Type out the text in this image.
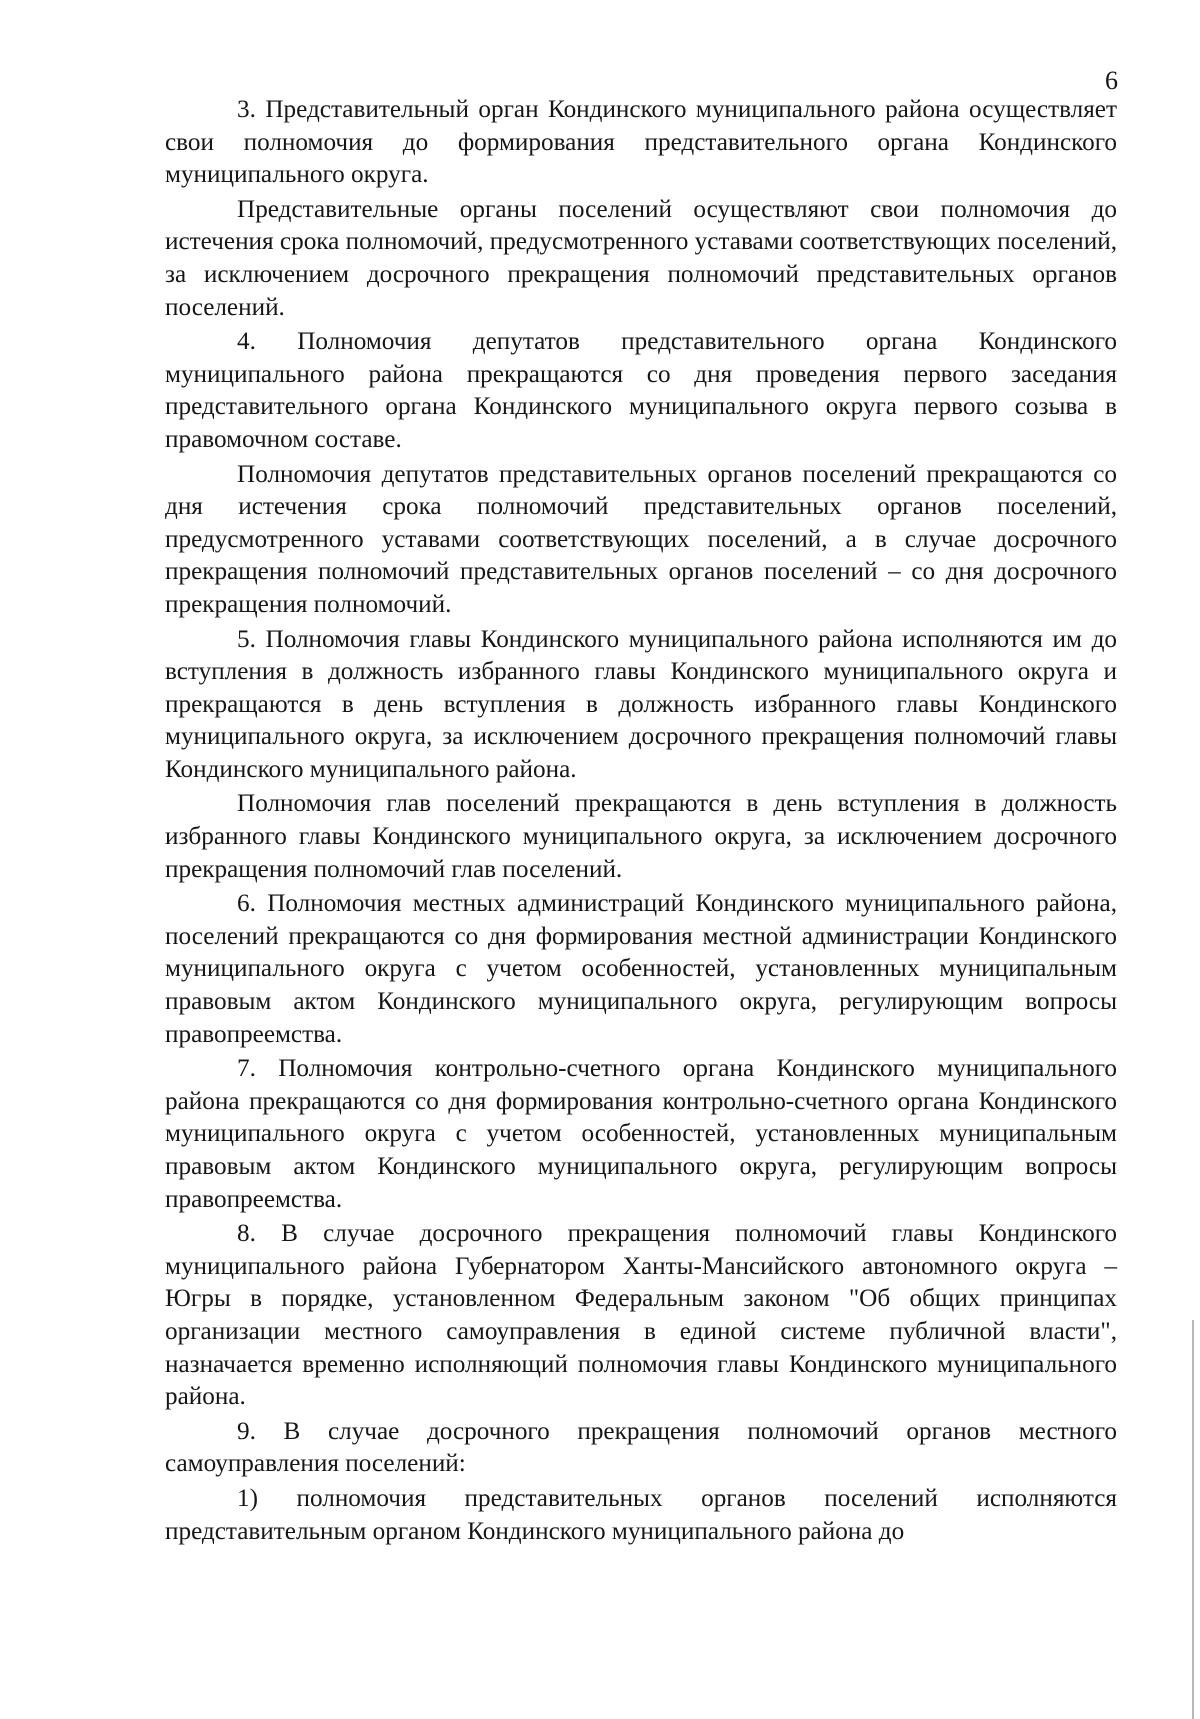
6

3. Представительный орган Кондинского муниципального района осуществляет свои полномочия до формирования представительного органа Кондинского муниципального округа.

Представительные органы поселений осуществляют свои полномочия до истечения срока полномочий, предусмотренного уставами соответствующих поселений, за исключением досрочного прекращения полномочий представительных органов поселений.

4. Полномочия депутатов представительного органа Кондинского муниципального района прекращаются со дня проведения первого заседания представительного органа Кондинского муниципального округа первого созыва в правомочном составе.

Полномочия депутатов представительных органов поселений прекращаются со дня истечения срока полномочий представительных органов поселений, предусмотренного уставами соответствующих поселений, а в случае досрочного прекращения полномочий представительных органов поселений – со дня досрочного прекращения полномочий.

5. Полномочия главы Кондинского муниципального района исполняются им до вступления в должность избранного главы Кондинского муниципального округа и прекращаются в день вступления в должность избранного главы Кондинского муниципального округа, за исключением досрочного прекращения полномочий главы Кондинского муниципального района.

Полномочия глав поселений прекращаются в день вступления в должность избранного главы Кондинского муниципального округа, за исключением досрочного прекращения полномочий глав поселений.

6. Полномочия местных администраций Кондинского муниципального района, поселений прекращаются со дня формирования местной администрации Кондинского муниципального округа с учетом особенностей, установленных муниципальным правовым актом Кондинского муниципального округа, регулирующим вопросы правопреемства.

7. Полномочия контрольно-счетного органа Кондинского муниципального района прекращаются со дня формирования контрольно-счетного органа Кондинского муниципального округа с учетом особенностей, установленных муниципальным правовым актом Кондинского муниципального округа, регулирующим вопросы правопреемства.

8. В случае досрочного прекращения полномочий главы Кондинского муниципального района Губернатором Ханты-Мансийского автономного округа – Югры в порядке, установленном Федеральным законом "Об общих принципах организации местного самоуправления в единой системе публичной власти", назначается временно исполняющий полномочия главы Кондинского муниципального района.

9. В случае досрочного прекращения полномочий органов местного самоуправления поселений:

1) полномочия представительных органов поселений исполняются представительным органом Кондинского муниципального района до
